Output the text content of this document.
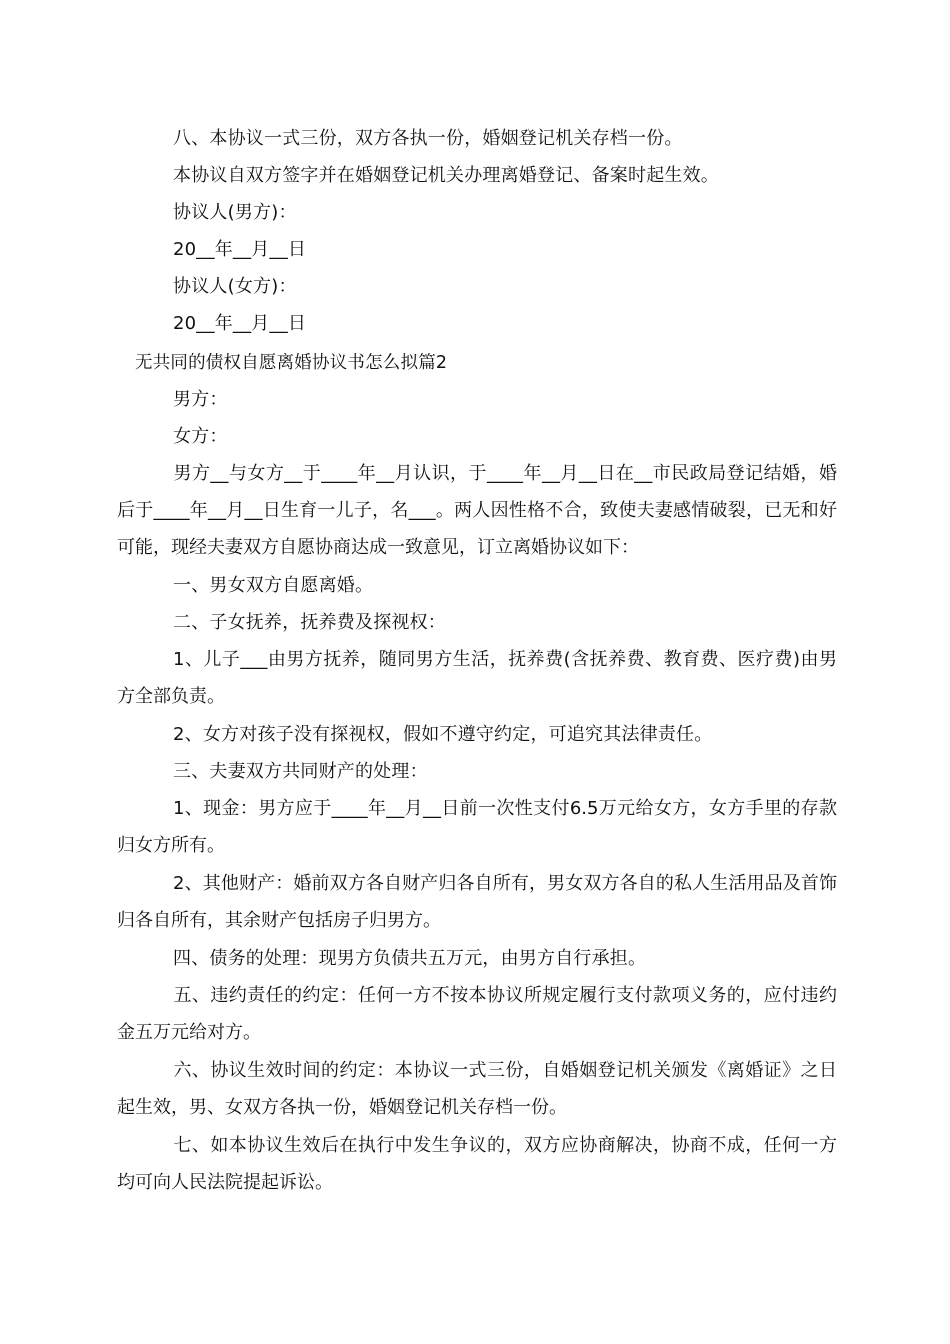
八、本协议一式三份，双方各执一份，婚姻登记机关存档一份。
本协议自双方签字并在婚姻登记机关办理离婚登记、备案时起生效。
协议人(男方)：
20__年__月__日
协议人(女方)：
20__年__月__日
无共同的债权自愿离婚协议书怎么拟篇2
男方：
女方：
男方__与女方__于____年__月认识，于____年__月__日在__市民政局登记结婚，婚后于____年__月__日生育一儿子，名___。两人因性格不合，致使夫妻感情破裂，已无和好可能，现经夫妻双方自愿协商达成一致意见，订立离婚协议如下：
一、男女双方自愿离婚。
二、子女抚养，抚养费及探视权：
1、儿子___由男方抚养，随同男方生活，抚养费(含抚养费、教育费、医疗费)由男方全部负责。
2、女方对孩子没有探视权，假如不遵守约定，可追究其法律责任。
三、夫妻双方共同财产的处理：
1、现金：男方应于____年__月__日前一次性支付6.5万元给女方，女方手里的存款归女方所有。
2、其他财产：婚前双方各自财产归各自所有，男女双方各自的私人生活用品及首饰归各自所有，其余财产包括房子归男方。
四、债务的处理：现男方负债共五万元，由男方自行承担。
五、违约责任的约定：任何一方不按本协议所规定履行支付款项义务的，应付违约金五万元给对方。
六、协议生效时间的约定：本协议一式三份，自婚姻登记机关颁发《离婚证》之日起生效，男、女双方各执一份，婚姻登记机关存档一份。
七、如本协议生效后在执行中发生争议的，双方应协商解决，协商不成，任何一方均可向人民法院提起诉讼。
